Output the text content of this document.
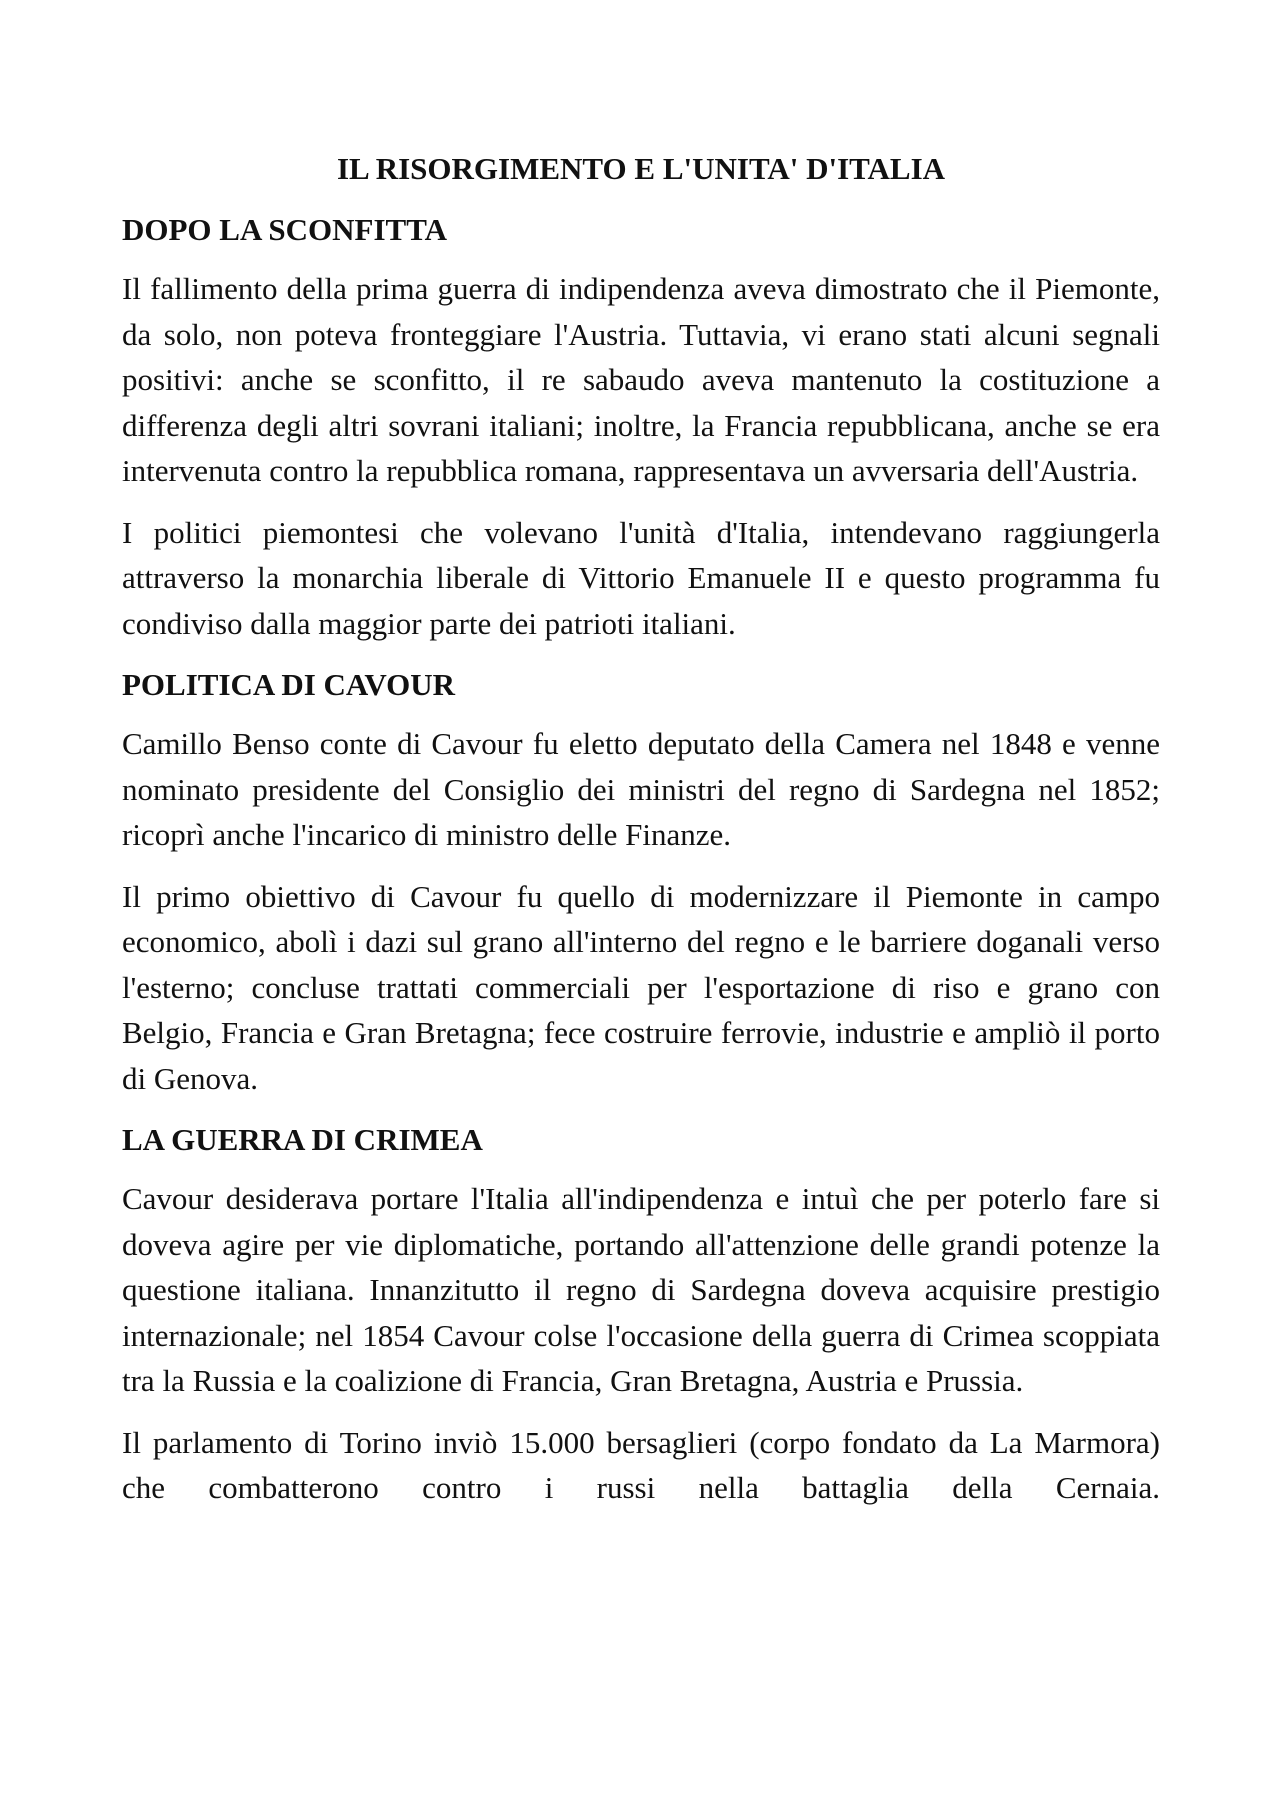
IL RISORGIMENTO E L'UNITA' D'ITALIA
DOPO LA SCONFITTA

Il fallimento della prima guerra di indipendenza aveva dimostrato che il Piemonte, da solo, non poteva fronteggiare l'Austria. Tuttavia, vi erano stati alcuni segnali positivi: anche se sconfitto, il re sabaudo aveva mantenuto la costituzione a differenza degli altri sovrani italiani; inoltre, la Francia repubblicana, anche se era intervenuta contro la repubblica romana, rappresentava un avversaria dell'Austria.

I politici piemontesi che volevano l'unità d'Italia, intendevano raggiungerla attraverso la monarchia liberale di Vittorio Emanuele II e questo programma fu condiviso dalla maggior parte dei patrioti italiani.

POLITICA DI CAVOUR

Camillo Benso conte di Cavour fu eletto deputato della Camera nel 1848 e venne nominato presidente del Consiglio dei ministri del regno di Sardegna nel 1852; ricoprì anche l'incarico di ministro delle Finanze.

Il primo obiettivo di Cavour fu quello di modernizzare il Piemonte in campo economico, abolì i dazi sul grano all'interno del regno e le barriere doganali verso l'esterno; concluse trattati commerciali per l'esportazione di riso e grano con Belgio, Francia e Gran Bretagna; fece costruire ferrovie, industrie e ampliò il porto di Genova.

LA GUERRA DI CRIMEA

Cavour desiderava portare l'Italia all'indipendenza e intuì che per poterlo fare si doveva agire per vie diplomatiche, portando all'attenzione delle grandi potenze la questione italiana. Innanzitutto il regno di Sardegna doveva acquisire prestigio internazionale; nel 1854 Cavour colse l'occasione della guerra di Crimea scoppiata tra la Russia e la coalizione di Francia, Gran Bretagna, Austria e Prussia.

Il parlamento di Torino inviò 15.000 bersaglieri (corpo fondato da La Marmora) che combatterono contro i russi nella battaglia della Cernaia.
